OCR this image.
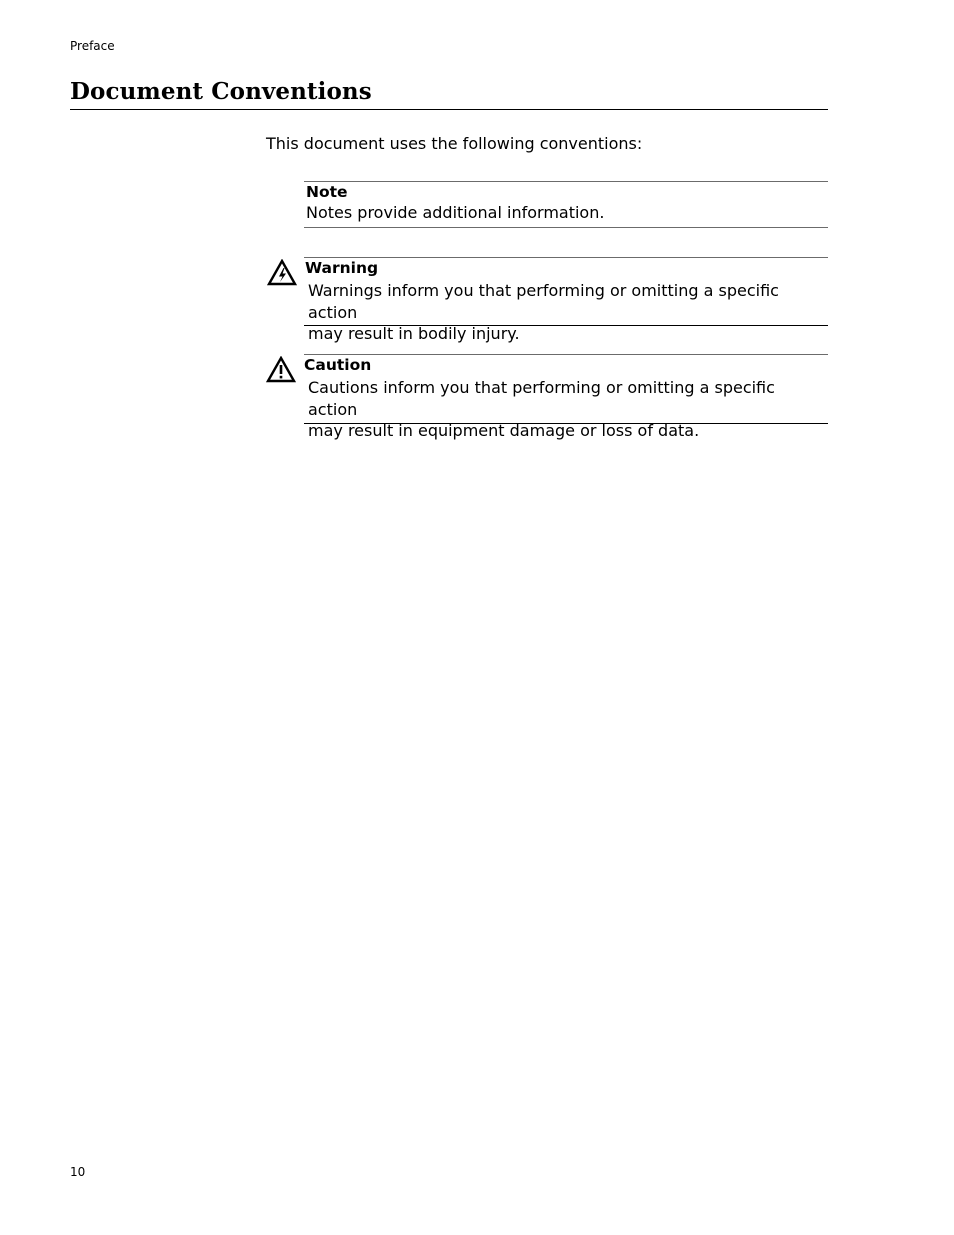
Preface
Document Conventions
This document uses the following conventions:
Note
Notes provide additional information.
Warning
Warnings inform you that performing or omitting a specific action
may result in bodily injury.
Caution
Cautions inform you that performing or omitting a specific action
may result in equipment damage or loss of data.
10
